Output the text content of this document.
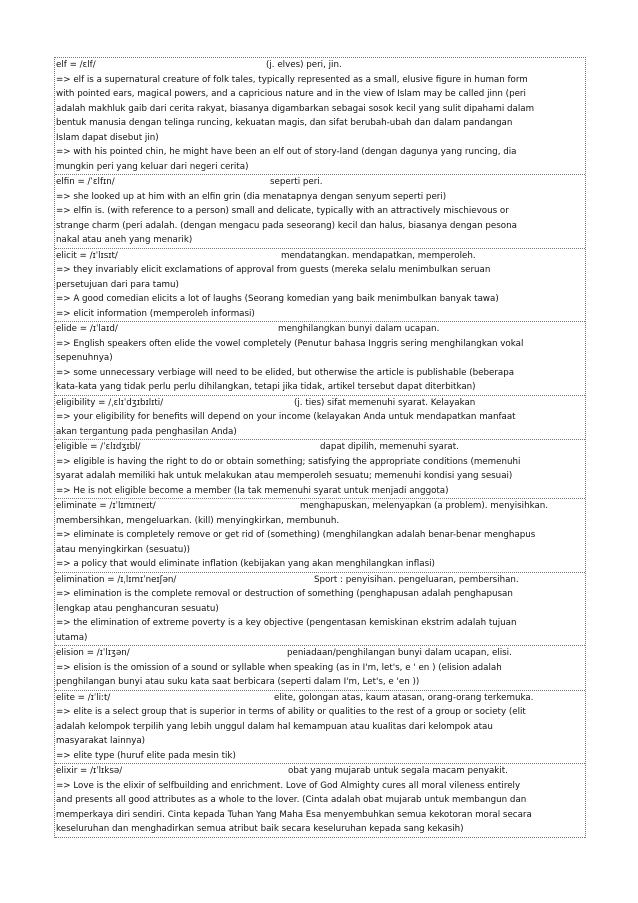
elf = /ɛlf/	(j. elves) peri, jin.
=> elf is a supernatural creature of folk tales, typically represented as a small, elusive figure in human form
with pointed ears, magical powers, and a capricious nature and in the view of Islam may be called jinn (peri
adalah makhluk gaib dari cerita rakyat, biasanya digambarkan sebagai sosok kecil yang sulit dipahami dalam
bentuk manusia dengan telinga runcing, kekuatan magis, dan sifat berubah-ubah dan dalam pandangan
Islam dapat disebut jin)
=> with his pointed chin, he might have been an elf out of story-land (dengan dagunya yang runcing, dia
mungkin peri yang keluar dari negeri cerita)
elfin = /ˈɛlfɪn/	seperti peri.
=> she looked up at him with an elfin grin (dia menatapnya dengan senyum seperti peri)
=> elfin is. (with reference to a person) small and delicate, typically with an attractively mischievous or
strange charm (peri adalah. (dengan mengacu pada seseorang) kecil dan halus, biasanya dengan pesona
nakal atau aneh yang menarik)
elicit = /ɪˈlɪsɪt/	mendatangkan. mendapatkan, memperoleh.
=> they invariably elicit exclamations of approval from guests (mereka selalu menimbulkan seruan
persetujuan dari para tamu)
=> A good comedian elicits a lot of laughs (Seorang komedian yang baik menimbulkan banyak tawa)
=> elicit information (memperoleh informasi)
elide = /ɪˈlaɪd/	menghilangkan bunyi dalam ucapan.
=> English speakers often elide the vowel completely (Penutur bahasa Inggris sering menghilangkan vokal
sepenuhnya)
=> some unnecessary verbiage will need to be elided, but otherwise the article is publishable (beberapa
kata-kata yang tidak perlu perlu dihilangkan, tetapi jika tidak, artikel tersebut dapat diterbitkan)
eligibility = /ˌɛlɪˈdʒɪbɪlɪti/	(j. ties) sifat memenuhi syarat. Kelayakan
=> your eligibility for benefits will depend on your income (kelayakan Anda untuk mendapatkan manfaat
akan tergantung pada penghasilan Anda)
eligible = /ˈɛlɪdʒɪbl/	dapat dipilih, memenuhi syarat.
=> eligible is having the right to do or obtain something; satisfying the appropriate conditions (memenuhi
syarat adalah memiliki hak untuk melakukan atau memperoleh sesuatu; memenuhi kondisi yang sesuai)
=> He is not eligible become a member (Ia tak memenuhi syarat untuk menjadi anggota)
eliminate = /ɪˈlɪmɪneɪt/	menghapuskan, melenyapkan (a problem). menyisihkan.
membersihkan, mengeluarkan. (kill) menyingkirkan, membunuh.
=> eliminate is completely remove or get rid of (something) (menghilangkan adalah benar-benar menghapus
atau menyingkirkan (sesuatu))
=> a policy that would eliminate inflation (kebijakan yang akan menghilangkan inflasi)
elimination = /ɪˌlɪmɪˈneɪʃən/	Sport : penyisihan. pengeluaran, pembersihan.
=> elimination is the complete removal or destruction of something (penghapusan adalah penghapusan
lengkap atau penghancuran sesuatu)
=> the elimination of extreme poverty is a key objective (pengentasan kemiskinan ekstrim adalah tujuan
utama)
elision = /ɪˈlɪʒən/	peniadaan/penghilangan bunyi dalam ucapan, elisi.
=> elision is the omission of a sound or syllable when speaking (as in I'm, let's, e ' en ) (elision adalah
penghilangan bunyi atau suku kata saat berbicara (seperti dalam I'm, Let's, e 'en ))
elite = /ɪˈliːt/	elite, golongan atas, kaum atasan, orang-orang terkemuka.
=> elite is a select group that is superior in terms of ability or qualities to the rest of a group or society (elit
adalah kelompok terpilih yang lebih unggul dalam hal kemampuan atau kualitas dari kelompok atau
masyarakat lainnya)
=> elite type (huruf elite pada mesin tik)
elixir = /ɪˈlɪksə/	obat yang mujarab untuk segala macam penyakit.
=> Love is the elixir of selfbuilding and enrichment. Love of God Almighty cures all moral vileness entirely
and presents all good attributes as a whole to the lover. (Cinta adalah obat mujarab untuk membangun dan
memperkaya diri sendiri. Cinta kepada Tuhan Yang Maha Esa menyembuhkan semua kekotoran moral secara
keseluruhan dan menghadirkan semua atribut baik secara keseluruhan kepada sang kekasih)
